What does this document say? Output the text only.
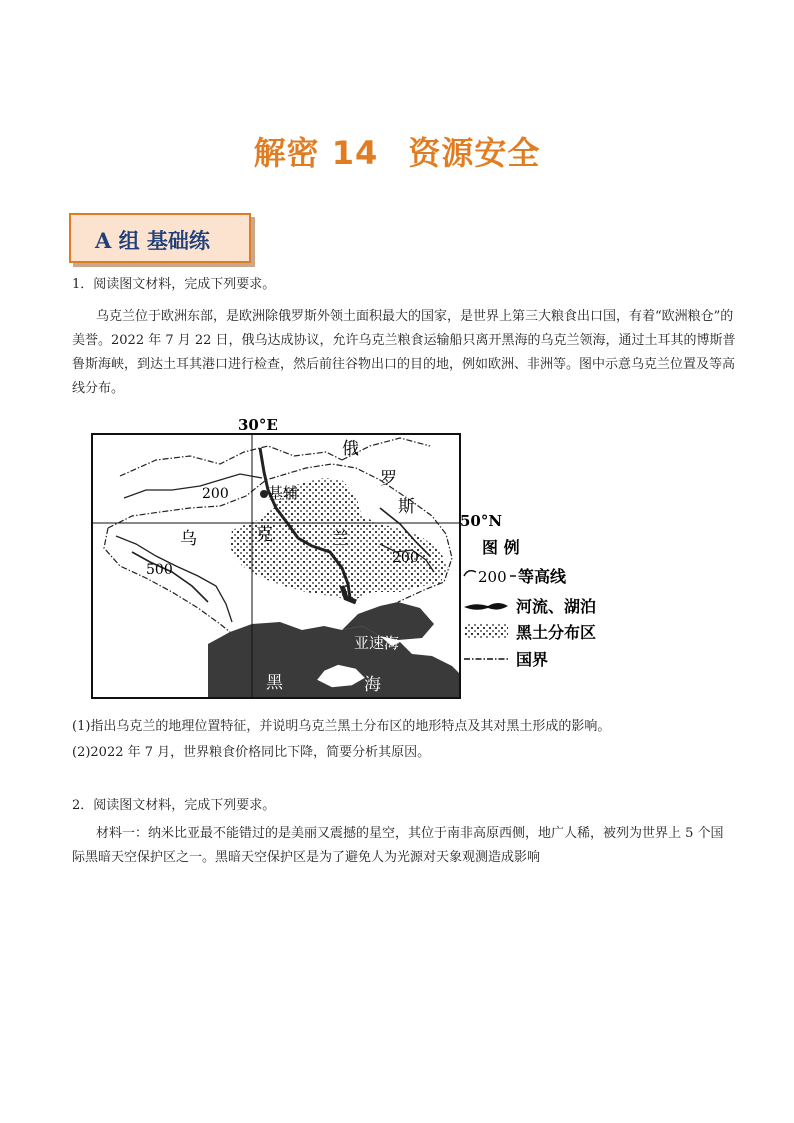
解密 14 资源安全
A 组 基础练
1．阅读图文材料，完成下列要求。
乌克兰位于欧洲东部，是欧洲除俄罗斯外领土面积最大的国家，是世界上第三大粮食出口国，有着“欧洲粮仓”的美誉。2022 年 7 月 22 日，俄乌达成协议，允许乌克兰粮食运输船只离开黑海的乌克兰领海，通过土耳其的博斯普鲁斯海峡，到达土耳其港口进行检查，然后前往谷物出口的目的地，例如欧洲、非洲等。图中示意乌克兰位置及等高线分布。
30°E
50°N
俄
罗
斯
乌	克	兰
基辅
200
500
200
亚速海
黑	海
图 例
200 等高线
河流、湖泊
黑土分布区
国界
(1)指出乌克兰的地理位置特征，并说明乌克兰黑土分布区的地形特点及其对黑土形成的影响。
(2)2022 年 7 月，世界粮食价格同比下降，简要分析其原因。
2．阅读图文材料，完成下列要求。
材料一：纳米比亚最不能错过的是美丽又震撼的星空，其位于南非高原西侧，地广人稀，被列为世界上 5 个国际黑暗天空保护区之一。黑暗天空保护区是为了避免人为光源对天象观测造成影响
